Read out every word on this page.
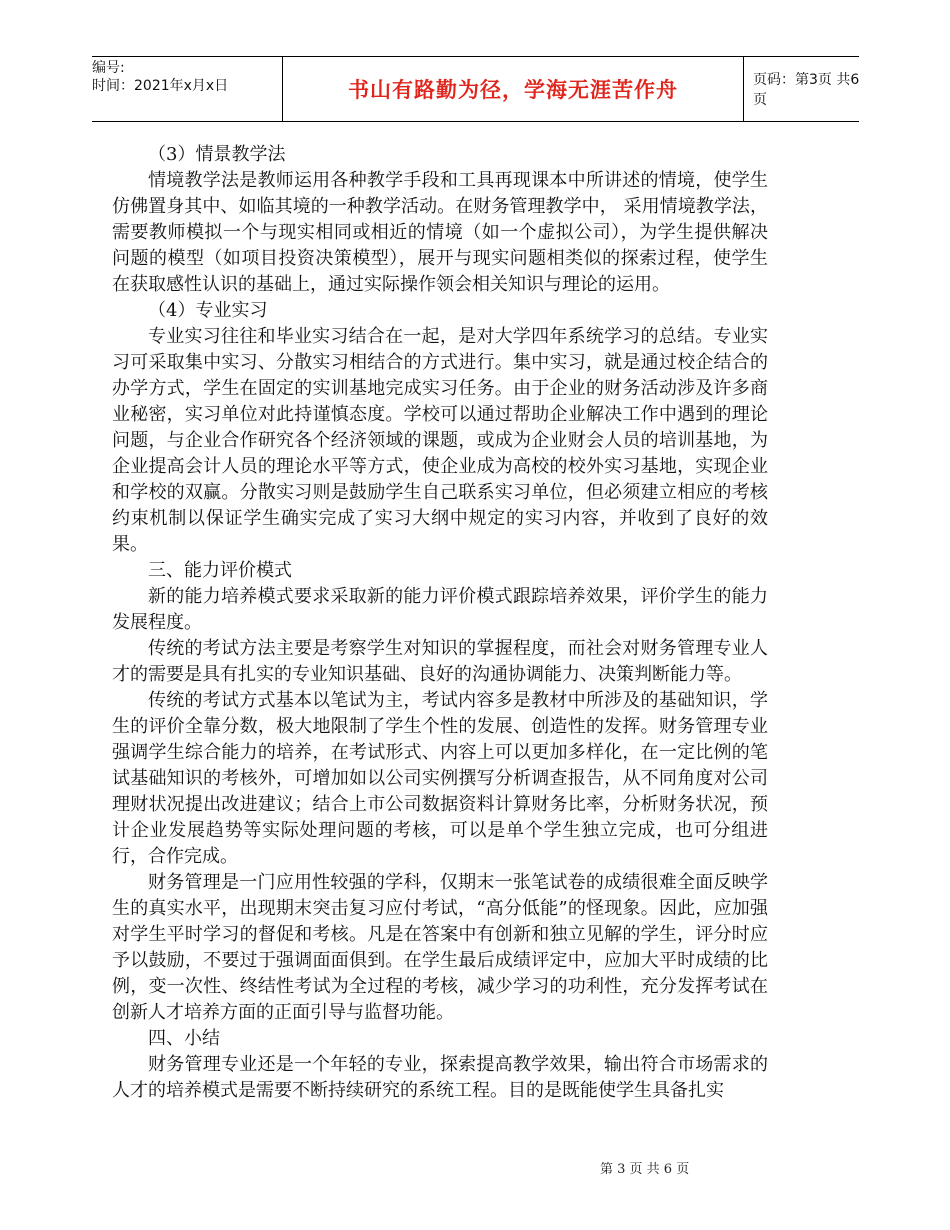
编号:
时间：2021年x月x日	书山有路勤为径，学海无涯苦作舟	页码：第3页 共6页

（3）情景教学法

情境教学法是教师运用各种教学手段和工具再现课本中所讲述的情境，使学生仿佛置身其中、如临其境的一种教学活动。在财务管理教学中， 采用情境教学法，需要教师模拟一个与现实相同或相近的情境（如一个虚拟公司），为学生提供解决问题的模型（如项目投资决策模型），展开与现实问题相类似的探索过程，使学生在获取感性认识的基础上，通过实际操作领会相关知识与理论的运用。

（4）专业实习

专业实习往往和毕业实习结合在一起，是对大学四年系统学习的总结。专业实习可采取集中实习、分散实习相结合的方式进行。集中实习，就是通过校企结合的办学方式，学生在固定的实训基地完成实习任务。由于企业的财务活动涉及许多商业秘密，实习单位对此持谨慎态度。学校可以通过帮助企业解决工作中遇到的理论问题，与企业合作研究各个经济领域的课题，或成为企业财会人员的培训基地，为企业提高会计人员的理论水平等方式，使企业成为高校的校外实习基地，实现企业和学校的双赢。分散实习则是鼓励学生自己联系实习单位，但必须建立相应的考核约束机制以保证学生确实完成了实习大纲中规定的实习内容，并收到了良好的效果。

三、能力评价模式

新的能力培养模式要求采取新的能力评价模式跟踪培养效果，评价学生的能力发展程度。

传统的考试方法主要是考察学生对知识的掌握程度，而社会对财务管理专业人才的需要是具有扎实的专业知识基础、良好的沟通协调能力、决策判断能力等。

传统的考试方式基本以笔试为主，考试内容多是教材中所涉及的基础知识，学生的评价全靠分数，极大地限制了学生个性的发展、创造性的发挥。财务管理专业强调学生综合能力的培养，在考试形式、内容上可以更加多样化，在一定比例的笔试基础知识的考核外，可增加如以公司实例撰写分析调查报告，从不同角度对公司理财状况提出改进建议；结合上市公司数据资料计算财务比率，分析财务状况，预计企业发展趋势等实际处理问题的考核，可以是单个学生独立完成，也可分组进行，合作完成。

财务管理是一门应用性较强的学科，仅期末一张笔试卷的成绩很难全面反映学生的真实水平，出现期末突击复习应付考试，“高分低能”的怪现象。因此，应加强对学生平时学习的督促和考核。凡是在答案中有创新和独立见解的学生，评分时应予以鼓励，不要过于强调面面俱到。在学生最后成绩评定中，应加大平时成绩的比例，变一次性、终结性考试为全过程的考核，减少学习的功利性，充分发挥考试在创新人才培养方面的正面引导与监督功能。

四、小结

财务管理专业还是一个年轻的专业，探索提高教学效果，输出符合市场需求的人才的培养模式是需要不断持续研究的系统工程。目的是既能使学生具备扎实

第 3 页 共 6 页
